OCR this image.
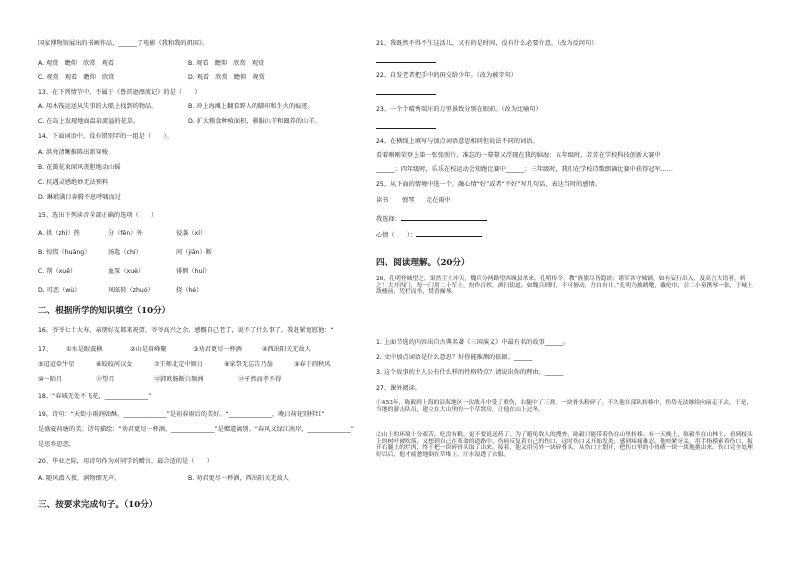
国家博物馆展出的书画作品，______了电影《我和我的祖国》。
A. 观赏　瞻仰　欣赏　观看	B. 观看　瞻仰　欣赏　观赏
C. 观赏　观看　瞻仰　欣赏	D. 观看　欣赏　瞻仰　观赏
13、在下列情节中，不属于《鲁滨逊漂流记》的是（　　）
A. 用木筏运送从失事的大船上找到的物品。	B. 冲上海滩上翻看野人的脚印和生火的痕迹。
C. 在岛上发现地面温泉流溢的花草。	D. 扩大粮食种植面积，驯服山羊和圈养的山羊。
14、下面词语中，没有错别字的一组是（　　）。
A. 洪亮清晰推陈出新穿梭
B. 花篱花束闻风丧胆地动山摇
C. 抗遇灵感绝妙无法预料
D. 琳琅满目奔腾不息呼啸而过
15、选出下列读音全部正确的选项（　　）
A. 拱（zhì）热	分（fēn）外	侵袭（xí）
B. 惊慌（huāng）	汤匙（chí）	间（jiān）断
C. 削（xuē）	血泵（xuè）	徘徊（huí）
D. 可恶（wù）	风眩转（zhuó）	挠（hé）
二、根据所学的知识填空（10分）
16、爷爷七十大寿，亲朋好友都来祝贺，爷爷高兴之余，感慨自己老了，说不了什么事了，我赶紧宽慰他：“
17、 ①水是眼波横	②山是眉峰聚	③劝君更尽一杯酒	④西出阳关无故人
⑤迢迢牵牛星	⑥皎皎河汉女	⑦王师北定中原日	⑧家祭无忘告乃翁	⑨春于阎秋风
⑩一陌月	⑪望月	⑫韩欧肠断白频洲	⑬孑然而孝不得
18、“春城无处不飞花，______________”
19、诗句：“天街小雨润如酥，______________”是初春雨后的美好。“______________，晚日荷花别样红”
是盛夏荷塘的美。诗句描绘：“劝君更尽一杯酒，______________”是赠道离别。“春风又绿江南岸，______________”
是思乡思恋，
20、毕业之际，用诗句作为对同学的赠言，最合适的是（　　）
A. 随风潜入夜，润物细无声。	B. 劝君更尽一杯酒，西出阳关无故人
三、按要求完成句子。（10分）
21、我既然不得不生这活儿，又有的是时间，没有什么必要介意。（改为反问句）
22、自发老者把手中的斑交给少年。（改为被字句）
23、一个个晴秀端庄的万里景致分别在眼前。（改为比喻句）
24、在横线上填写与加点词语意思相同但说法不同的词语。
看着刚刚荣登上第一张张照片，准忘的一幕幕又浮现在我的脑海：五年级时，芳芳在学校科技创新大赛中
______；四年级时，乐乐在校运动会短跑比赛中______；三年级时，我们在学校诗歌朗诵比赛中获得冠军……
25、从下面的情境中选一个，融心情“好”或者“不好”写几句话，表达当时的感情。
读书 弹琴 走在雨中
我选择：
心情（　　）：
四、阅读理解。（20分）
26、孔明登城望之，果然尘土冲天，魏兵分两路望西城县杀来。孔明传令，教“旌旗尽皆隐匿；诸军各守城铺，如有妄行出入，及高言大语者，斩之！大开四门，每一门用二十军士，扮作百姓，洒扫街道。如魏兵到时，不可擅动，吾自有计。”孔明乃披鹤氅，戴纶巾，引二小童携琴一张，于城上敌楼前，凭栏而坐，焚香操琴。
1. 上面节选的内容出自古典名著《三国演义》中最有名的故事______。
2. 文中加点词语是什么意思？好你能推测的依据。______
3. 这个故事的主人公有什么样的性格特点？请说出你的理由。______
27、课外阅读。
①453年，陈毅到上海的沿海地区一次战斗中受了重伤，右腿中了三弹，一块骨头粉碎了。不久他在部队转移中，伤势无法继续向前走下去。于是，当地的游击队员，建立在大山里的一个草窝房，让他在山上过冬。
②山上的环境十分艰苦，吃没有粮，更不要说送药了。为了避免敌人的搜查，陈毅只能带着伤在山里转移。有一天晚上，陈毅坐在山林土，看到枝头上的树叶被吹落，又想到自己在革命的道路中，伤病反复着自己的伤口，这时伤口又开始发炎，感到疼痛难忍。他咬紧牙关，用手指摸索着伤口，扳开右腿上的烂肉，终于把一块碎骨头取了出来。接着，他又用另外一块碎骨头，从伤口上划开，把伤口里的小骨碴一块一块地挑出来。伤口完全处理好以后，他才疲惫地倒在草堆上，汗水湿透了衣服。
